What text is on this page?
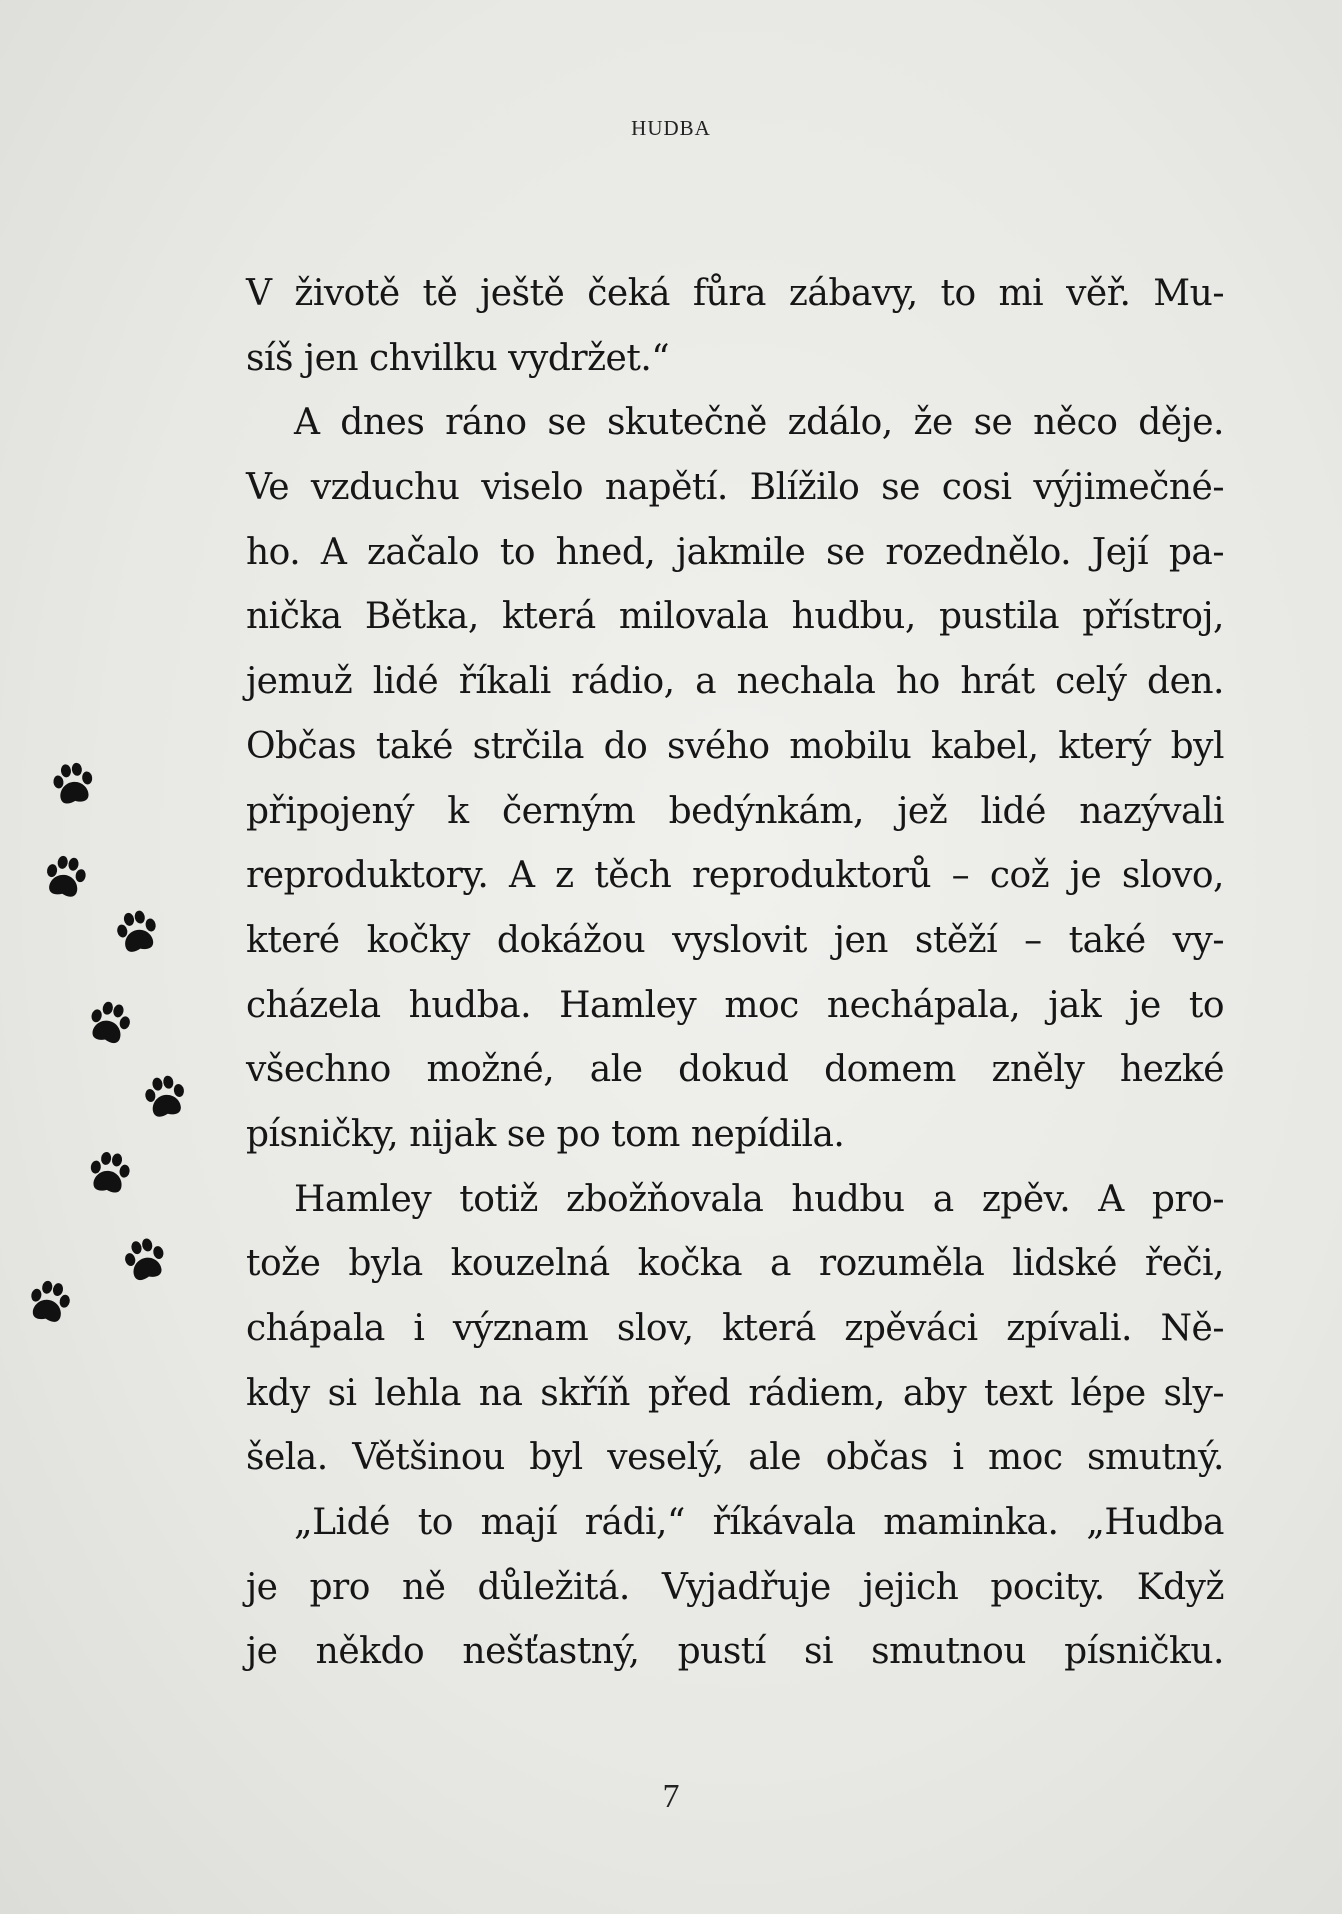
HUDBA
V životě tě ještě čeká fůra zábavy, to mi věř. Mu-
síš jen chvilku vydržet.“
A dnes ráno se skutečně zdálo, že se něco děje.
Ve vzduchu viselo napětí. Blížilo se cosi výjimečné-
ho. A začalo to hned, jakmile se rozednělo. Její pa-
nička Bětka, která milovala hudbu, pustila přístroj,
jemuž lidé říkali rádio, a nechala ho hrát celý den.
Občas také strčila do svého mobilu kabel, který byl
připojený k černým bedýnkám, jež lidé nazývali
reproduktory. A z těch reproduktorů – což je slovo,
které kočky dokážou vyslovit jen stěží – také vy-
cházela hudba. Hamley moc nechápala, jak je to
všechno možné, ale dokud domem zněly hezké
písničky, nijak se po tom nepídila.
Hamley totiž zbožňovala hudbu a zpěv. A pro-
tože byla kouzelná kočka a rozuměla lidské řeči,
chápala i význam slov, která zpěváci zpívali. Ně-
kdy si lehla na skříň před rádiem, aby text lépe sly-
šela. Většinou byl veselý, ale občas i moc smutný.
„Lidé to mají rádi,“ říkávala maminka. „Hudba
je pro ně důležitá. Vyjadřuje jejich pocity. Když
je někdo nešťastný, pustí si smutnou písničku.
7
